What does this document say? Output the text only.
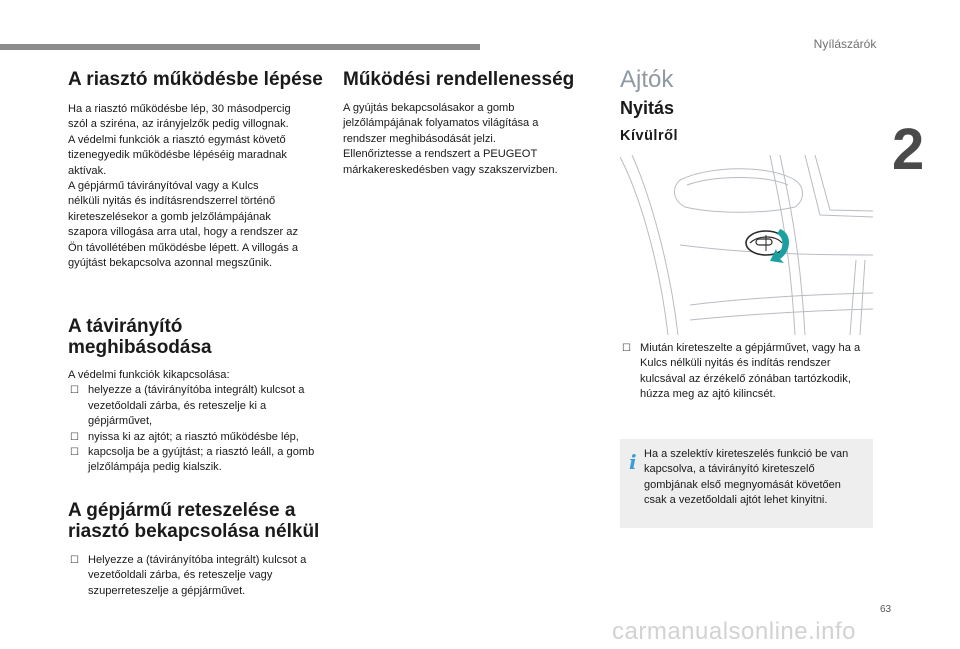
Nyílászárók
2
A riasztó működésbe lépése

Ha a riasztó működésbe lép, 30 másodpercig

szól a sziréna, az irányjelzők pedig villognak.

A védelmi funkciók a riasztó egymást követő

tizenegyedik működésbe lépéséig maradnak

aktívak.

A gépjármű távirányítóval vagy a Kulcs

nélküli nyitás és indításrendszerrel történő

kireteszelésekor a gomb jelzőlámpájának

szapora villogása arra utal, hogy a rendszer az

Ön távollétében működésbe lépett. A villogás a

gyújtást bekapcsolva azonnal megszűnik.

A távirányító meghibásodása

A védelmi funkciók kikapcsolása:

☐ helyezze a (távirányítóba integrált) kulcsot a vezetőoldali zárba, és reteszelje ki a gépjárművet,
☐ nyissa ki az ajtót; a riasztó működésbe lép,
☐ kapcsolja be a gyújtást; a riasztó leáll, a gomb jelzőlámpája pedig kialszik.
A gépjármű reteszelése a riasztó bekapcsolása nélkül
☐ Helyezze a (távirányítóba integrált) kulcsot a vezetőoldali zárba, és reteszelje vagy szuperreteszelje a gépjárművet.
Működési rendellenesség

A gyújtás bekapcsolásakor a gomb

jelzőlámpájának folyamatos világítása a

rendszer meghibásodását jelzi.

Ellenőriztesse a rendszert a PEUGEOT

márkakereskedésben vagy szakszervizben.

Ajtók
Nyitás
Kívülről
☐ Miután kireteszelte a gépjárművet, vagy ha a Kulcs nélküli nyitás és indítás rendszer kulcsával az érzékelő zónában tartózkodik, húzza meg az ajtó kilincsét.
i Ha a szelektív kireteszelés funkció be van kapcsolva, a távirányító kireteszelő gombjának első megnyomását követően csak a vezetőoldali ajtót lehet kinyitni.
63
carmanualsonline.info
